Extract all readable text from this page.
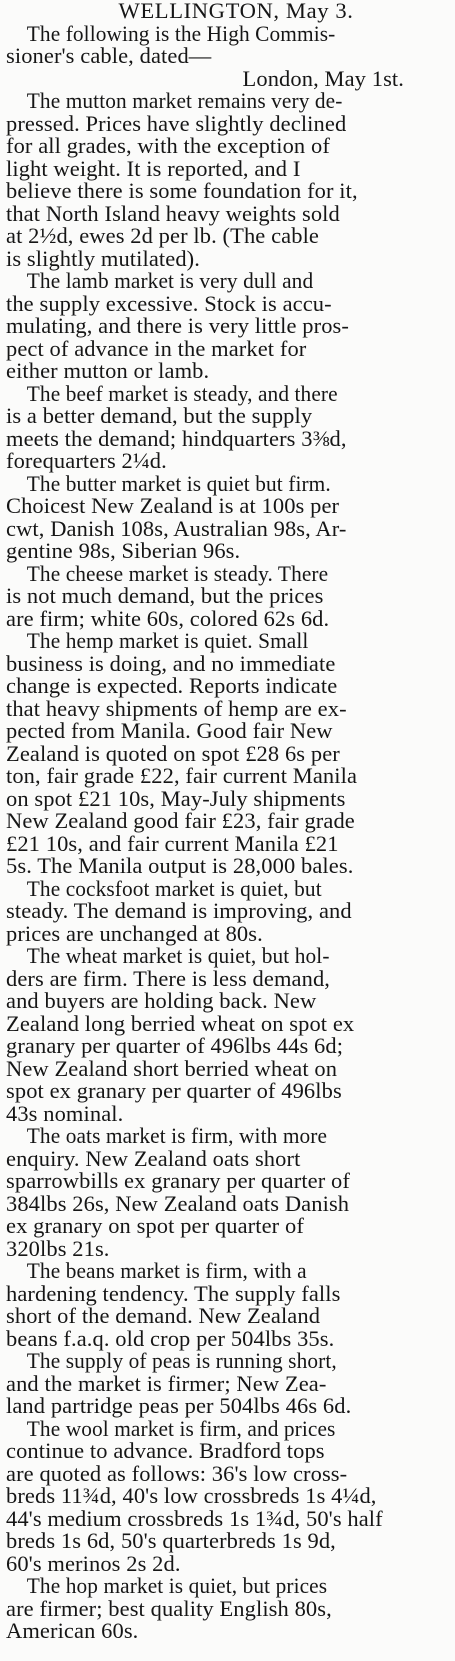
WELLINGTON, May 3.
The following is the High Commis-
sioner's cable, dated—
London, May 1st.
The mutton market remains very de-
pressed. Prices have slightly declined
for all grades, with the exception of
light weight. It is reported, and I
believe there is some foundation for it,
that North Island heavy weights sold
at 2½d, ewes 2d per lb. (The cable
is slightly mutilated).
The lamb market is very dull and
the supply excessive. Stock is accu-
mulating, and there is very little pros-
pect of advance in the market for
either mutton or lamb.
The beef market is steady, and there
is a better demand, but the supply
meets the demand; hindquarters 3⅜d,
forequarters 2¼d.
The butter market is quiet but firm.
Choicest New Zealand is at 100s per
cwt, Danish 108s, Australian 98s, Ar-
gentine 98s, Siberian 96s.
The cheese market is steady. There
is not much demand, but the prices
are firm; white 60s, colored 62s 6d.
The hemp market is quiet. Small
business is doing, and no immediate
change is expected. Reports indicate
that heavy shipments of hemp are ex-
pected from Manila. Good fair New
Zealand is quoted on spot £28 6s per
ton, fair grade £22, fair current Manila
on spot £21 10s, May-July shipments
New Zealand good fair £23, fair grade
£21 10s, and fair current Manila £21
5s. The Manila output is 28,000 bales.
The cocksfoot market is quiet, but
steady. The demand is improving, and
prices are unchanged at 80s.
The wheat market is quiet, but hol-
ders are firm. There is less demand,
and buyers are holding back. New
Zealand long berried wheat on spot ex
granary per quarter of 496lbs 44s 6d;
New Zealand short berried wheat on
spot ex granary per quarter of 496lbs
43s nominal.
The oats market is firm, with more
enquiry. New Zealand oats short
sparrowbills ex granary per quarter of
384lbs 26s, New Zealand oats Danish
ex granary on spot per quarter of
320lbs 21s.
The beans market is firm, with a
hardening tendency. The supply falls
short of the demand. New Zealand
beans f.a.q. old crop per 504lbs 35s.
The supply of peas is running short,
and the market is firmer; New Zea-
land partridge peas per 504lbs 46s 6d.
The wool market is firm, and prices
continue to advance. Bradford tops
are quoted as follows: 36's low cross-
breds 11¾d, 40's low crossbreds 1s 4¼d,
44's medium crossbreds 1s 1¾d, 50's half
breds 1s 6d, 50's quarterbreds 1s 9d,
60's merinos 2s 2d.
The hop market is quiet, but prices
are firmer; best quality English 80s,
American 60s.
